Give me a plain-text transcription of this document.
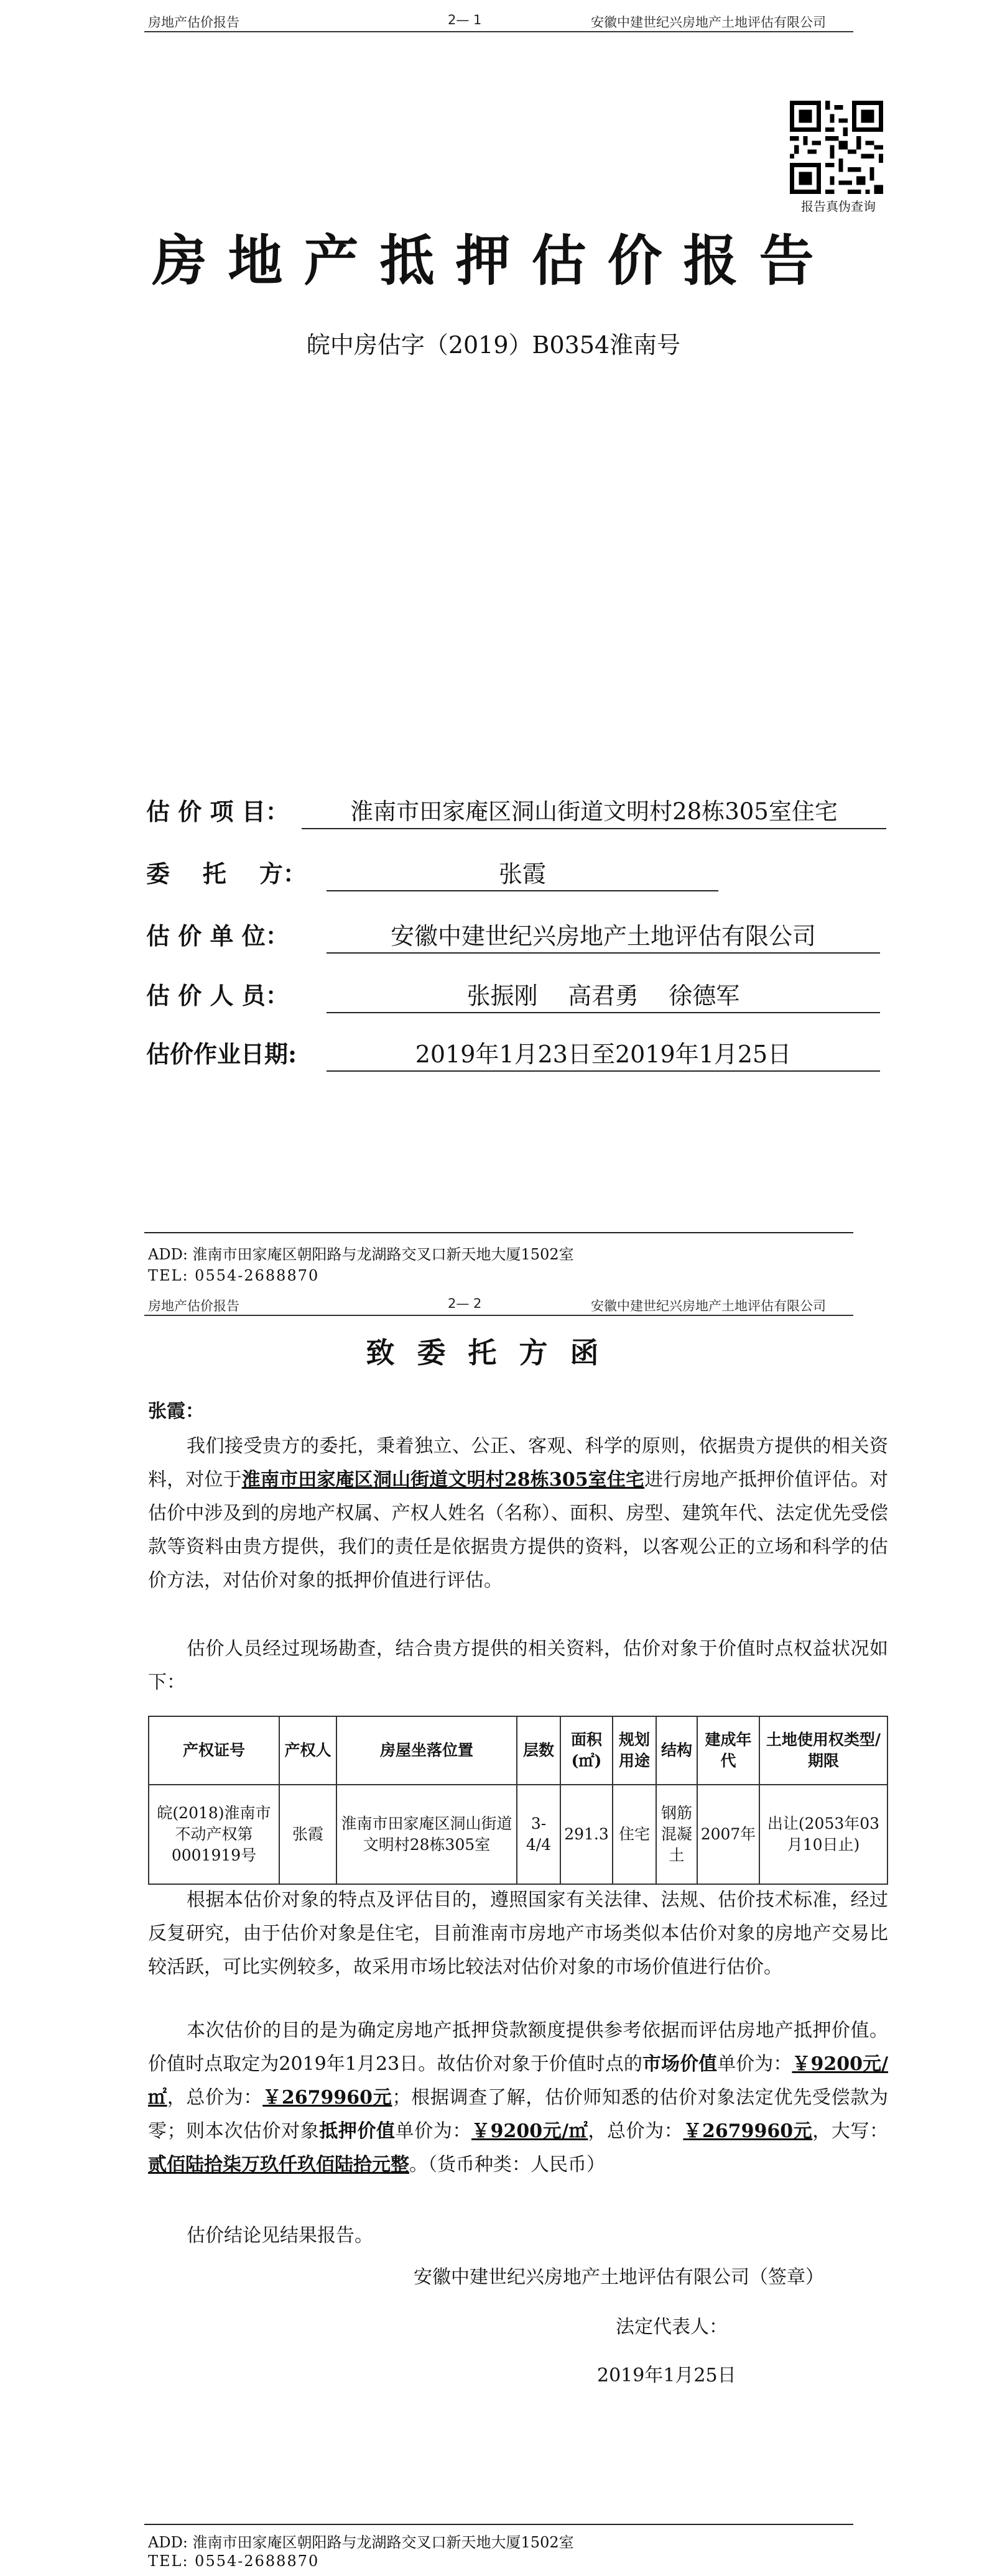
房地产估价报告	2— 1	安徽中建世纪兴房地产土地评估有限公司
报告真伪查询
房地产抵押估价报告
皖中房估字（2019）B0354淮南号
估 价 项 目：	淮南市田家庵区洞山街道文明村28栋305室住宅
委    托    方：	张霞
估 价 单 位：	安徽中建世纪兴房地产土地评估有限公司
估 价 人 员：	张振刚    高君勇    徐德军
估价作业日期:	2019年1月23日至2019年1月25日
ADD: 淮南市田家庵区朝阳路与龙湖路交叉口新天地大厦1502室
TEL: 0554-2688870
房地产估价报告	2— 2	安徽中建世纪兴房地产土地评估有限公司
致委托方函
张霞：
我们接受贵方的委托，秉着独立、公正、客观、科学的原则，依据贵方提供的相关资料，对位于淮南市田家庵区洞山街道文明村28栋305室住宅进行房地产抵押价值评估。对估价中涉及到的房地产权属、产权人姓名（名称）、面积、房型、建筑年代、法定优先受偿款等资料由贵方提供，我们的责任是依据贵方提供的资料，以客观公正的立场和科学的估价方法，对估价对象的抵押价值进行评估。
估价人员经过现场勘查，结合贵方提供的相关资料，估价对象于价值时点权益状况如下：
产权证号	产权人	房屋坐落位置	层数	面积(㎡)	规划用途	结构	建成年代	土地使用权类型/期限
皖(2018)淮南市不动产权第0001919号	张霞	淮南市田家庵区洞山街道文明村28栋305室	3-4/4	291.3	住宅	钢筋混凝土	2007年	出让(2053年03月10日止)
根据本估价对象的特点及评估目的，遵照国家有关法律、法规、估价技术标准，经过反复研究，由于估价对象是住宅，目前淮南市房地产市场类似本估价对象的房地产交易比较活跃，可比实例较多，故采用市场比较法对估价对象的市场价值进行估价。
本次估价的目的是为确定房地产抵押贷款额度提供参考依据而评估房地产抵押价值。价值时点取定为2019年1月23日。故估价对象于价值时点的市场价值单价为：￥9200元/㎡，总价为：￥2679960元；根据调查了解，估价师知悉的估价对象法定优先受偿款为零；则本次估价对象抵押价值单价为：￥9200元/㎡，总价为：￥2679960元，大写：贰佰陆拾柒万玖仟玖佰陆拾元整。（货币种类：人民币）
估价结论见结果报告。
安徽中建世纪兴房地产土地评估有限公司（签章）
法定代表人：
2019年1月25日
ADD: 淮南市田家庵区朝阳路与龙湖路交叉口新天地大厦1502室
TEL: 0554-2688870
